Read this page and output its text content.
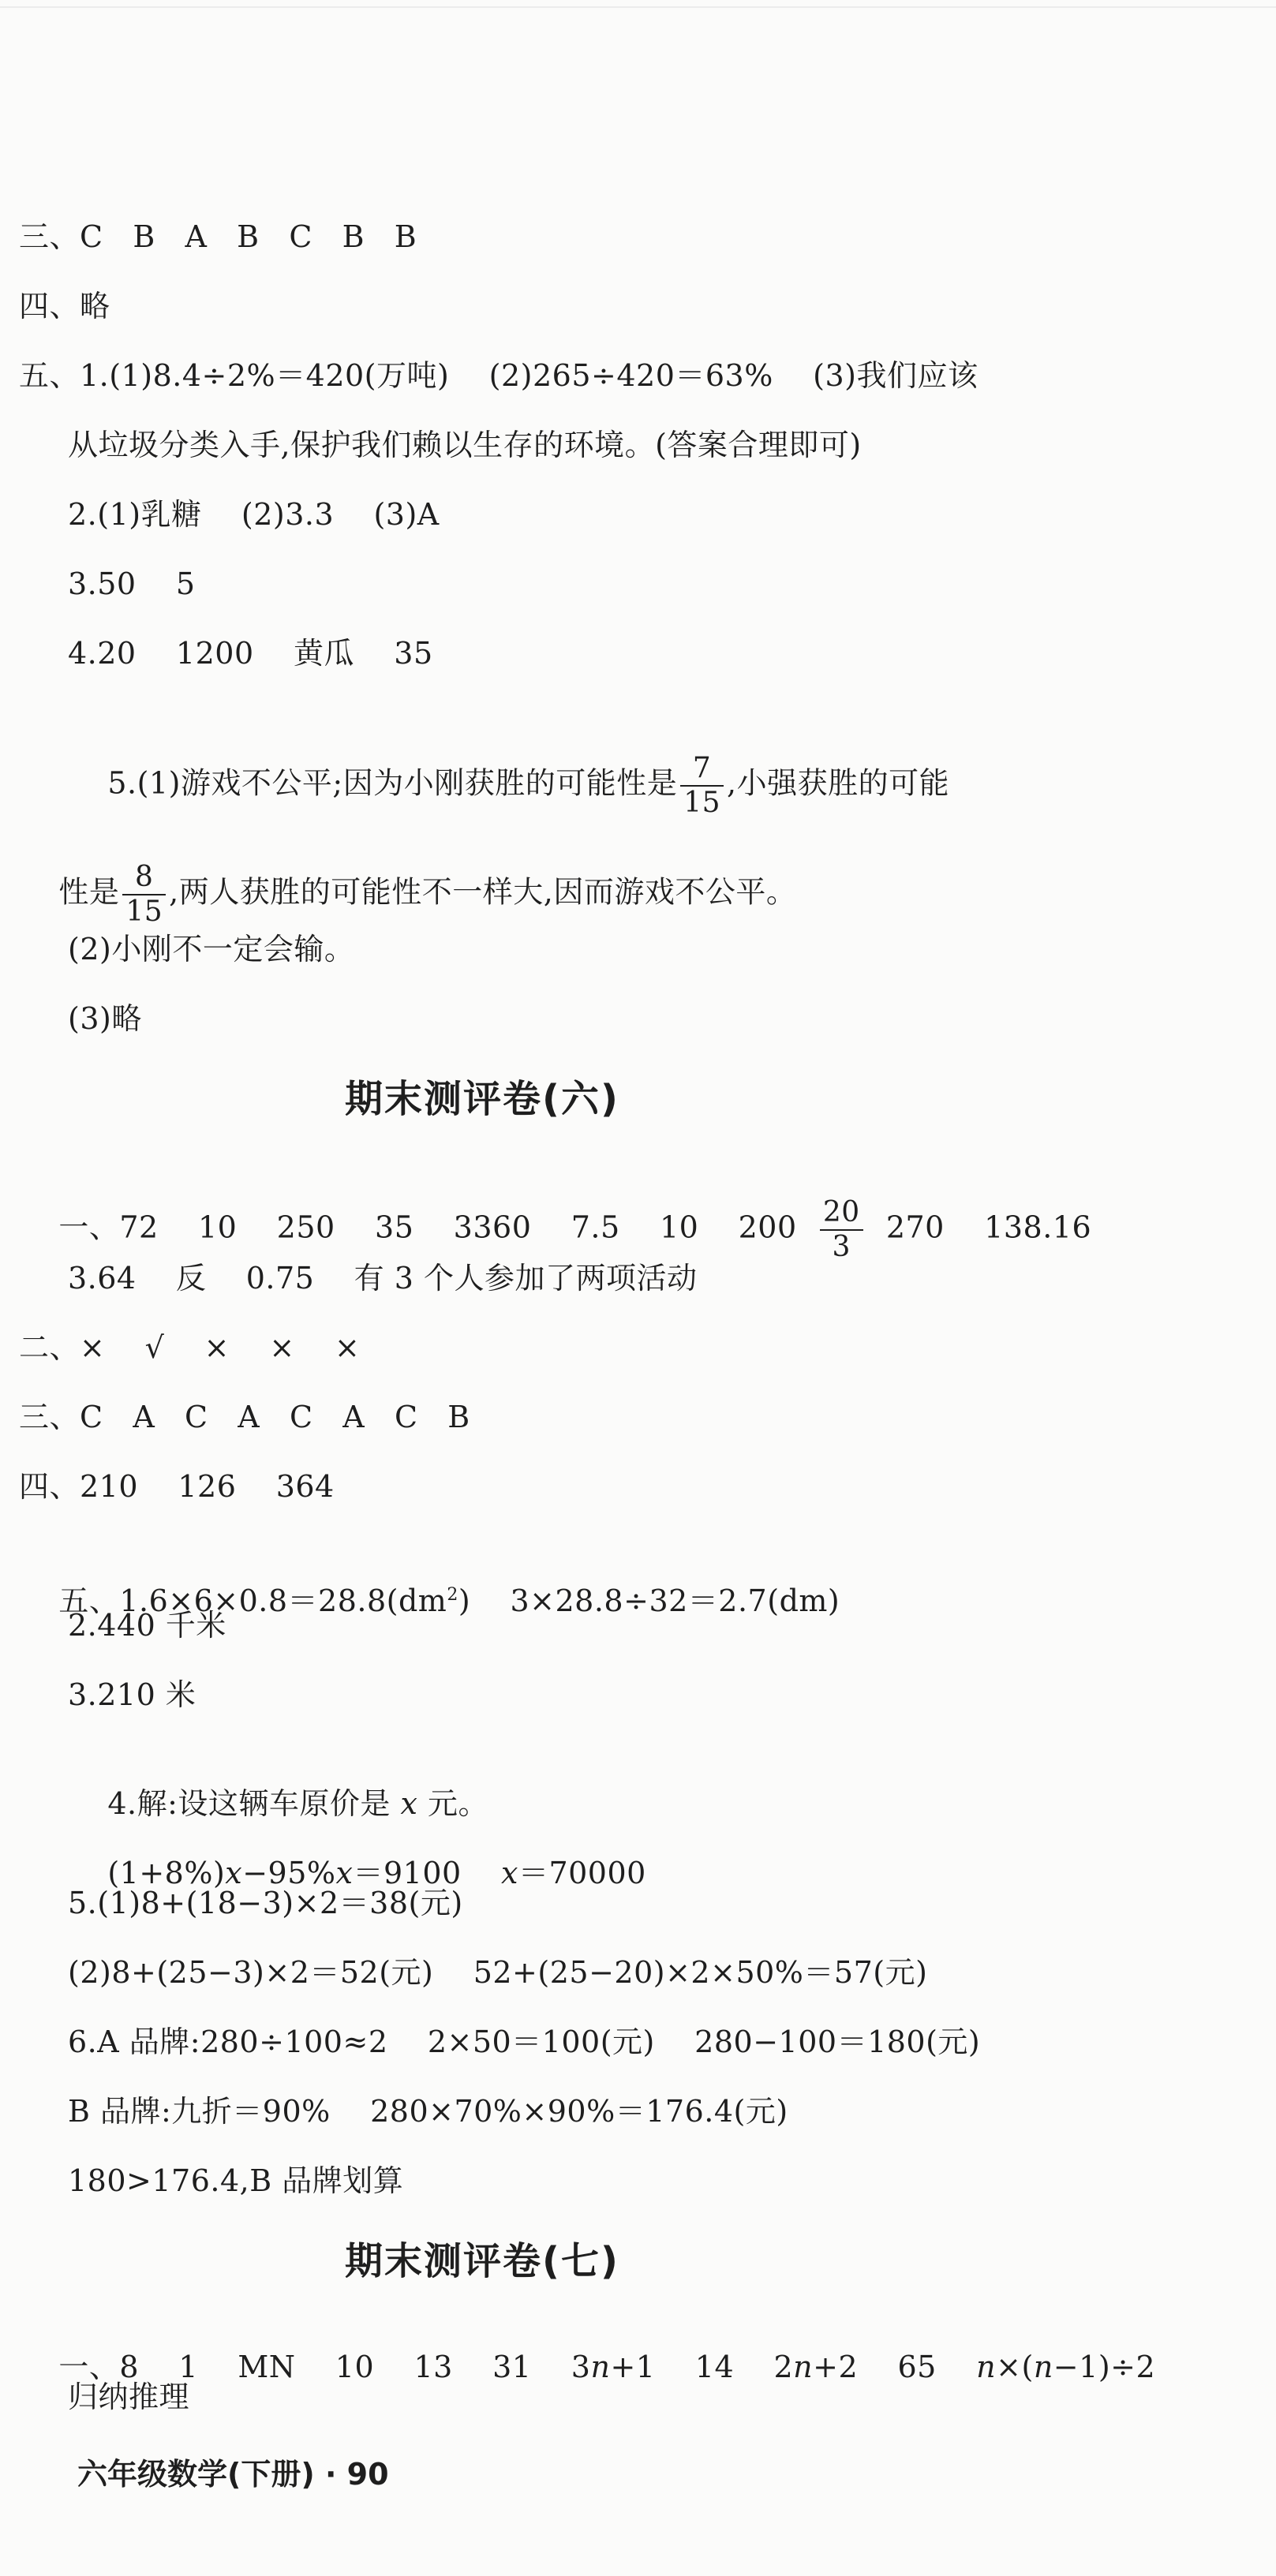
三、C   B   A   B   C   B   B
四、略
五、1.(1)8.4÷2%＝420(万吨)    (2)265÷420＝63%    (3)我们应该
从垃圾分类入手,保护我们赖以生存的环境。(答案合理即可)
2.(1)乳糖    (2)3.3    (3)A
3.50    5
4.20    1200    黄瓜    35

5.(1)游戏不公平;因为小刚获胜的可能性是 $\frac{7}{15}$ ,小强获胜的可能

性是 $\frac{8}{15}$ ,两人获胜的可能性不一样大,因而游戏不公平。

(2)小刚不一定会输。
(3)略
期末测评卷(六)

一、72    10    250    35    3360    7.5    10    $200 \frac{20}{3} 270$    138.16

3.64    反    0.75    有 3 个人参加了两项活动
二、×    √    ×    ×    ×
三、C   A   C   A   C   A   C   B
四、210    126    364

五、$1.6\times 6\times 0.8=28.8(dm^2)$    3×28.8÷32＝2.7(dm)

2.440 千米
3.210 米

4.解:设这辆车原价是 x 元。

(1+8%)x−95%x＝9100    x＝70000

5.(1)8+(18−3)×2＝38(元)
(2)8+(25−3)×2＝52(元)    52+(25−20)×2×50%＝57(元)
6.A 品牌:280÷100≈2    2×50＝100(元)    280−100＝180(元)
B 品牌:九折＝90%    280×70%×90%＝176.4(元)
180>176.4,B 品牌划算
期末测评卷(七)

一、8    1    MN    10    13    31    3n+1    14    2n+2    65    n×(n−1)÷2

归纳推理
六年级数学(下册) · 90
